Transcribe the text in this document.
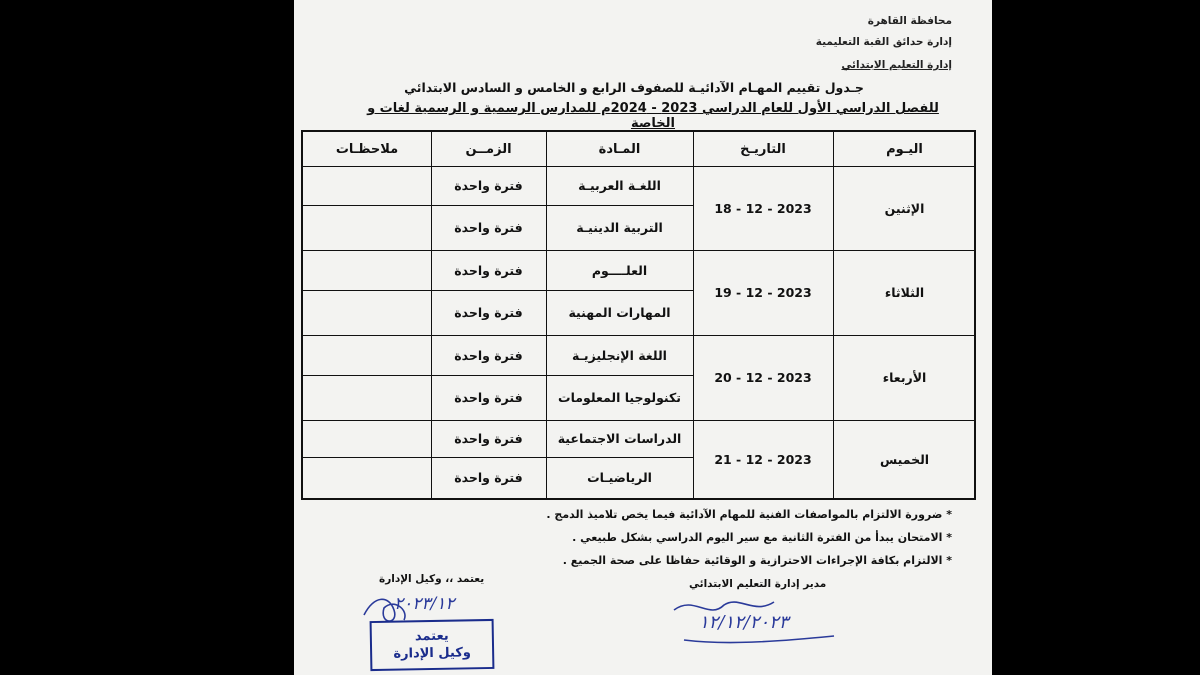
محافظة القاهرة
إدارة حدائق القبة التعليمية
إدارة التعليم الابتدائي
جـدول تقييم المهـام الآدائيـة للصفوف الرابع و الخامس و السادس الابتدائي
للفصل الدراسي الأول للعام الدراسي 2023 - 2024م للمدارس الرسمية و الرسمية لغات و الخاصة
اليـوم
التاريـخ
المـادة
الزمــن
ملاحظـات
الإثنين
18 - 12 - 2023
اللغـة العربيـة
فترة واحدة
التربية الدينيـة
فترة واحدة
الثلاثاء
19 - 12 - 2023
العلــــوم
فترة واحدة
المهارات المهنية
فترة واحدة
الأربعاء
20 - 12 - 2023
اللغة الإنجليزيـة
فترة واحدة
تكنولوجيا المعلومات
فترة واحدة
الخميس
21 - 12 - 2023
الدراسات الاجتماعية
فترة واحدة
الرياضيـات
فترة واحدة
* ضرورة الالتزام بالمواصفات الفنية للمهام الآدائية فيما يخص تلاميذ الدمج .
* الامتحان يبدأ من الفترة الثانية مع سير اليوم الدراسي بشكل طبيعي .
* الالتزام بكافة الإجراءات الاحترازية و الوقائية حفاظا على صحة الجميع .
يعتمد ،، وكيل الإدارة	مدير إدارة التعليم الابتدائي
٢٠٢٣/١٢
١٢/١٢/٢٠٢٣
يعتمد
وكيل الإدارة
